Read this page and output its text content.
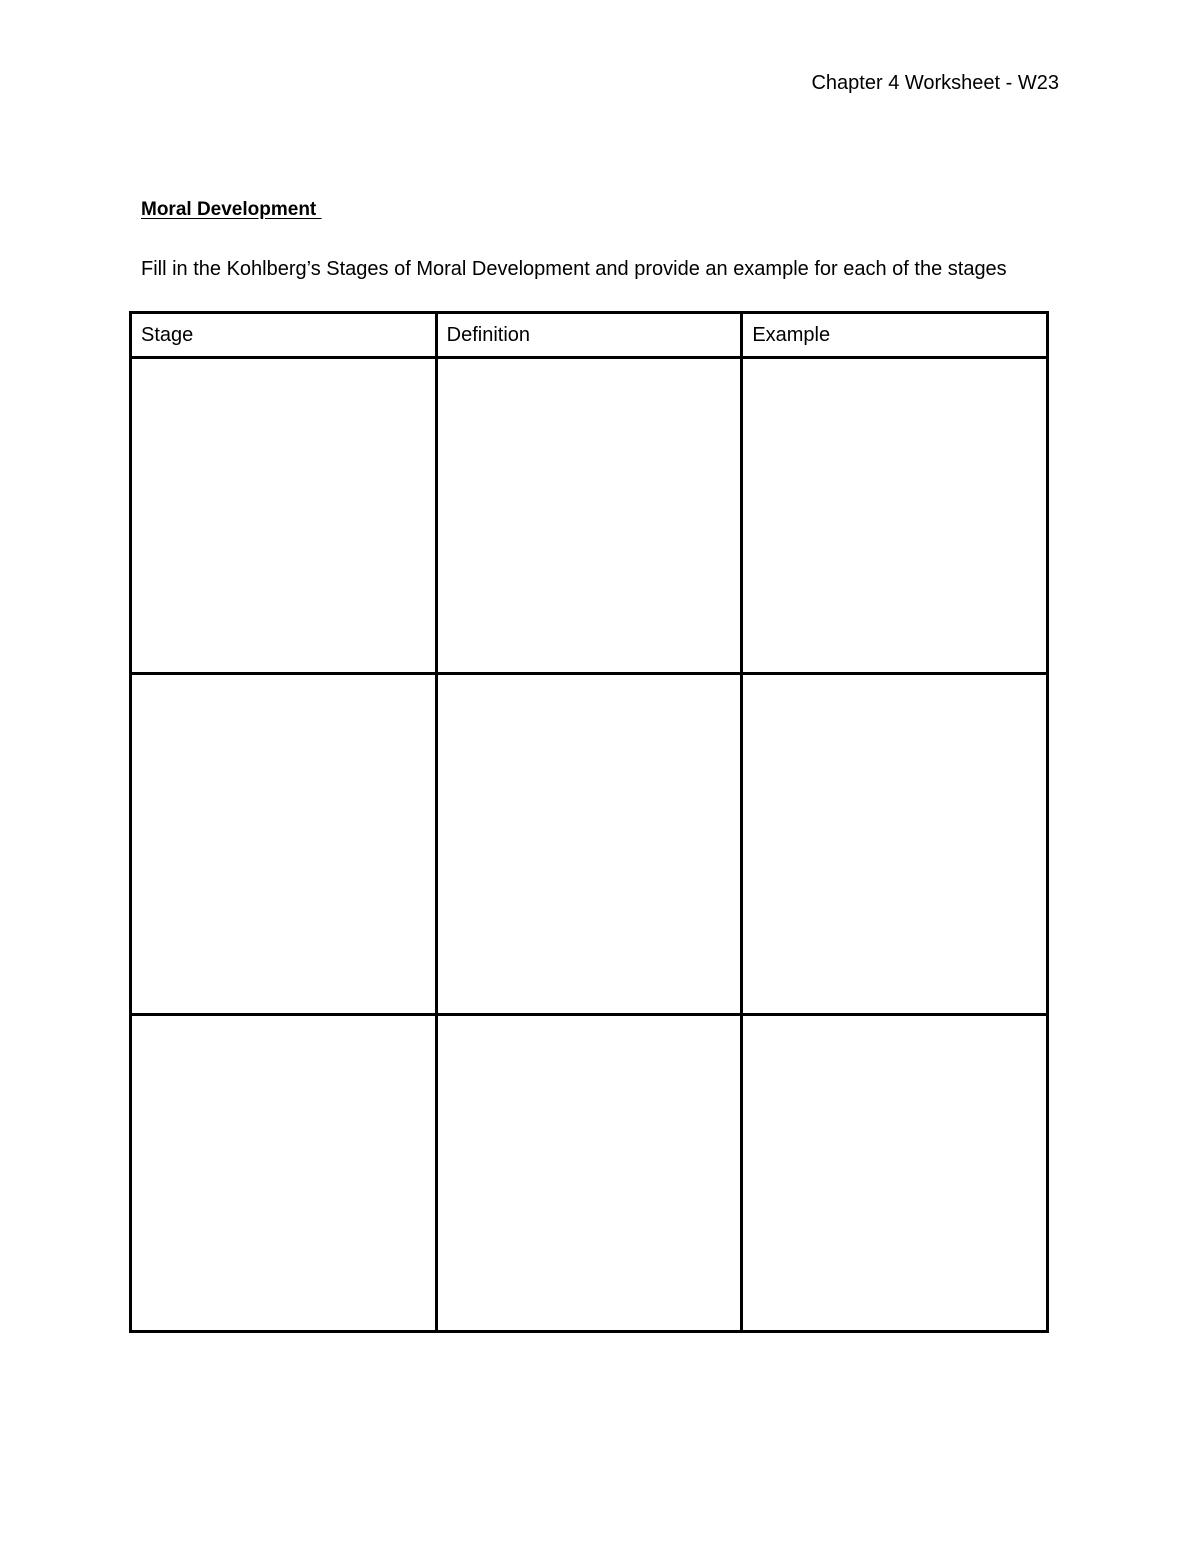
Chapter 4 Worksheet - W23
Moral Development
Fill in the Kohlberg’s Stages of Moral Development and provide an example for each of the stages
Stage	Definition	Example
